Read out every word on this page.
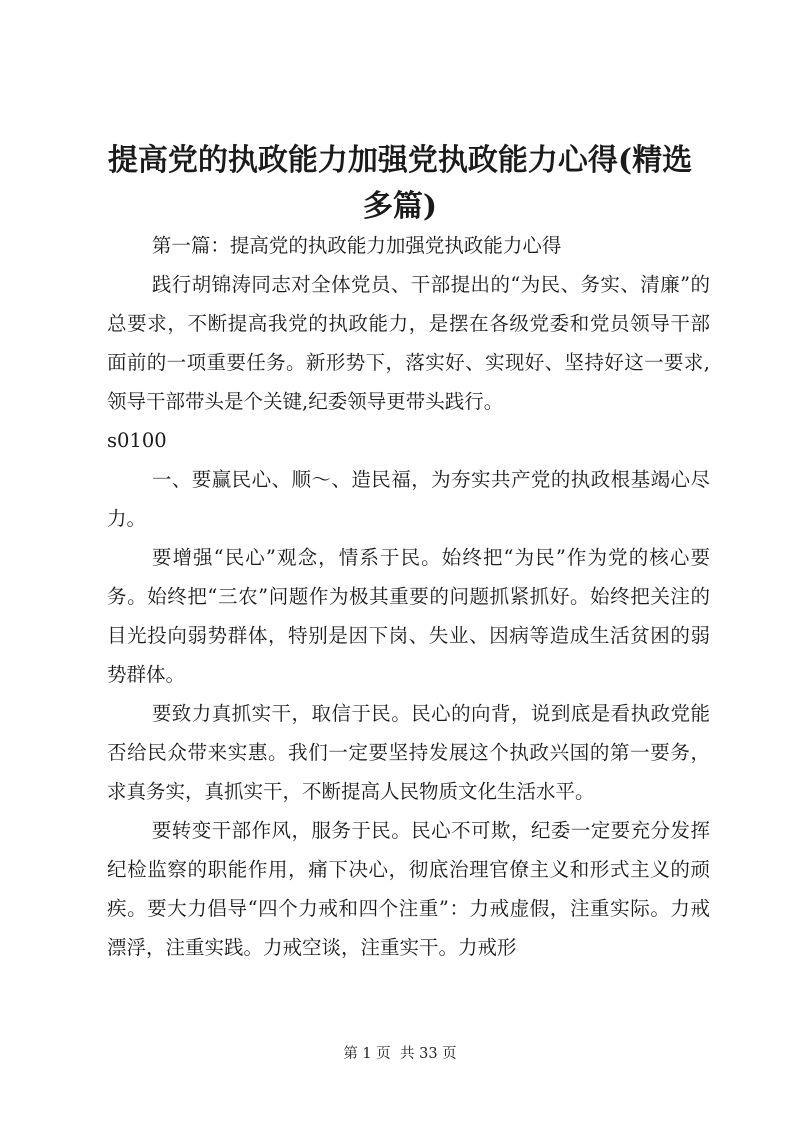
提高党的执政能力加强党执政能力心得(精选多篇)

第一篇：提高党的执政能力加强党执政能力心得

践行胡锦涛同志对全体党员、干部提出的“为民、务实、清廉”的总要求，不断提高我党的执政能力，是摆在各级党委和党员领导干部面前的一项重要任务。新形势下，落实好、实现好、坚持好这一要求,领导干部带头是个关键,纪委领导更带头践行。

s0100

一、要赢民心、顺～、造民福，为夯实共产党的执政根基竭心尽力。

要增强“民心”观念，情系于民。始终把“为民”作为党的核心要务。始终把“三农”问题作为极其重要的问题抓紧抓好。始终把关注的目光投向弱势群体，特别是因下岗、失业、因病等造成生活贫困的弱势群体。

要致力真抓实干，取信于民。民心的向背，说到底是看执政党能否给民众带来实惠。我们一定要坚持发展这个执政兴国的第一要务，求真务实，真抓实干，不断提高人民物质文化生活水平。

要转变干部作风，服务于民。民心不可欺，纪委一定要充分发挥纪检监察的职能作用，痛下决心，彻底治理官僚主义和形式主义的顽疾。要大力倡导“四个力戒和四个注重”：力戒虚假，注重实际。力戒漂浮，注重实践。力戒空谈，注重实干。力戒形

第 1 页  共 33 页
